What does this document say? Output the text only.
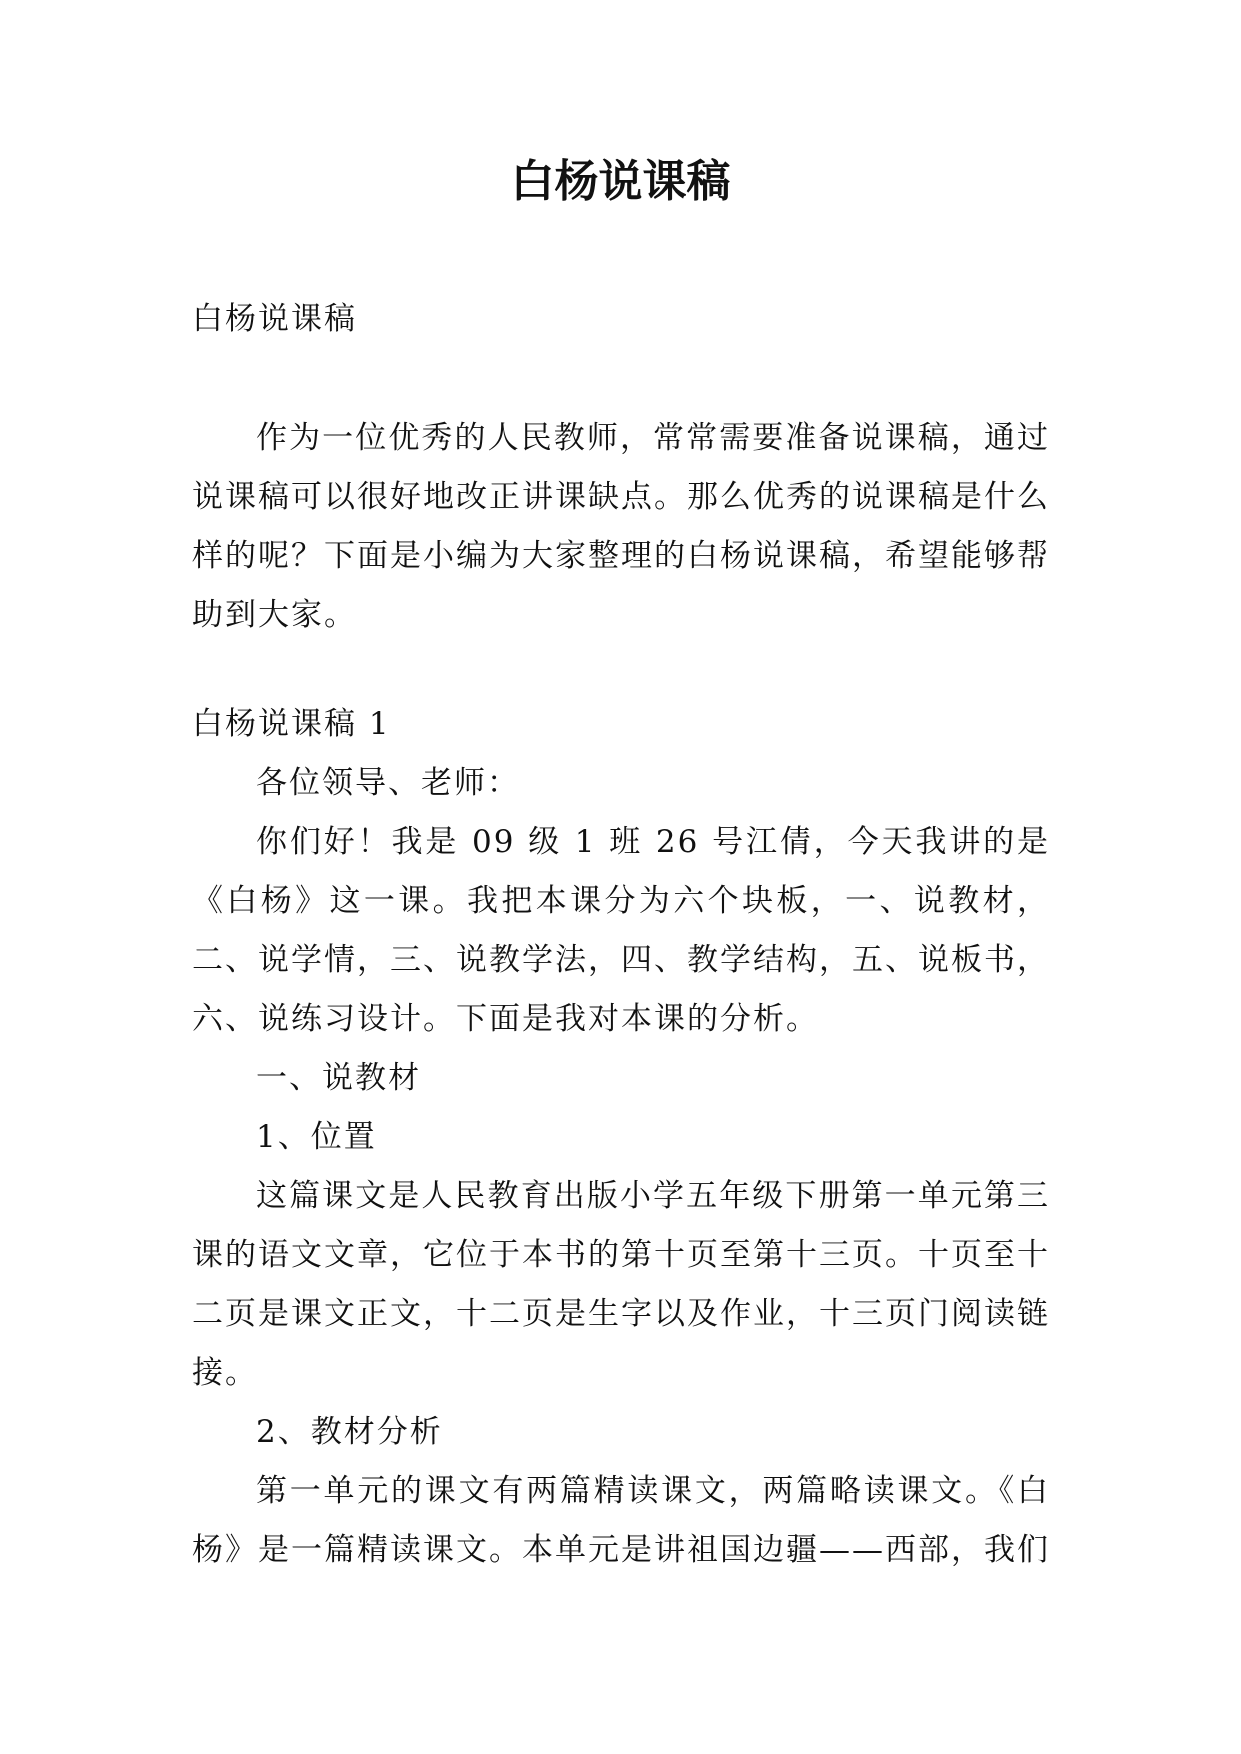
白杨说课稿

白杨说课稿

作为一位优秀的人民教师，常常需要准备说课稿，通过说课稿可以很好地改正讲课缺点。那么优秀的说课稿是什么样的呢？下面是小编为大家整理的白杨说课稿，希望能够帮助到大家。

白杨说课稿 1

各位领导、老师：

你们好！我是 09 级 1 班 26 号江倩，今天我讲的是《白杨》这一课。我把本课分为六个块板，一、说教材，二、说学情，三、说教学法，四、教学结构，五、说板书，六、说练习设计。下面是我对本课的分析。

一、说教材

1、位置

这篇课文是人民教育出版小学五年级下册第一单元第三课的语文文章，它位于本书的第十页至第十三页。十页至十二页是课文正文，十二页是生字以及作业，十三页门阅读链接。

2、教材分析

第一单元的课文有两篇精读课文，两篇略读课文。《白杨》是一篇精读课文。本单元是讲祖国边疆——西部，我们
